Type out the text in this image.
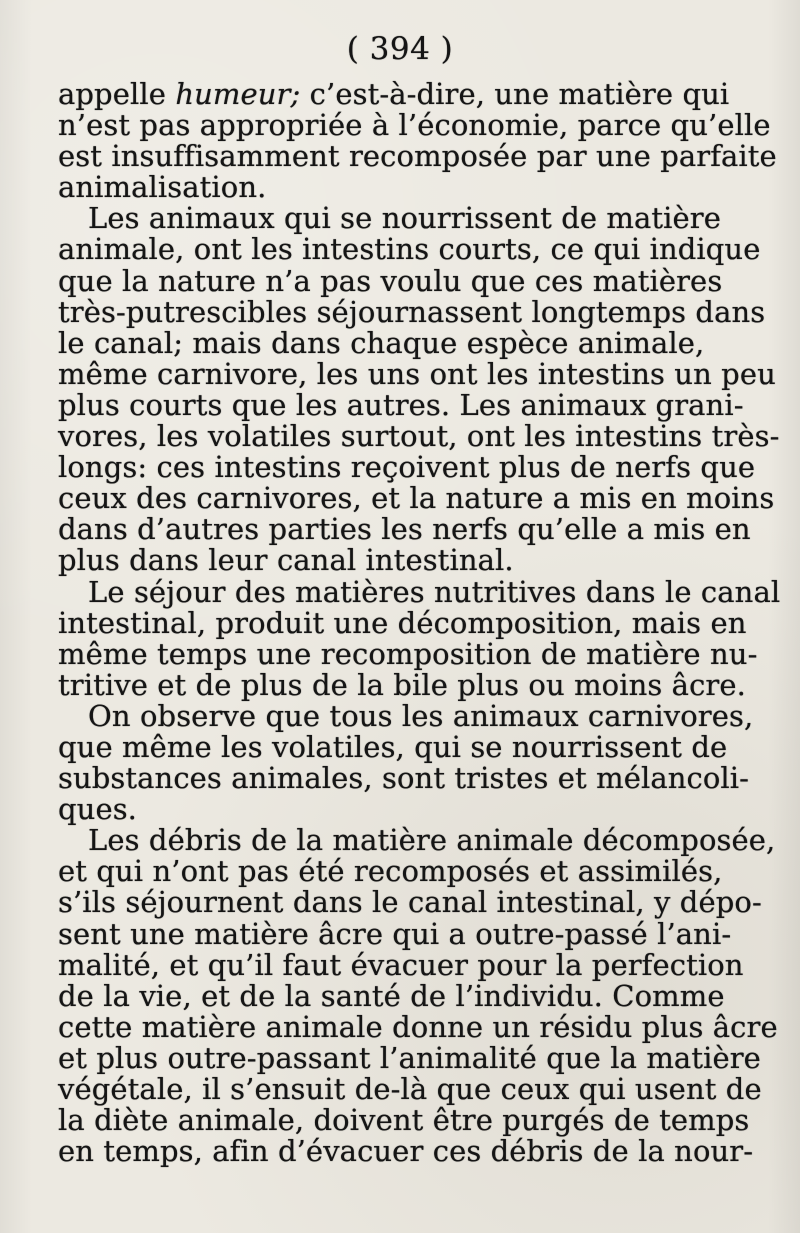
( 394 )
appelle humeur; c’est-à-dire, une matière qui
n’est pas appropriée à l’économie, parce qu’elle
est insuffisamment recomposée par une parfaite
animalisation.
Les animaux qui se nourrissent de matière
animale, ont les intestins courts, ce qui indique
que la nature n’a pas voulu que ces matières
très-putrescibles séjournassent longtemps dans
le canal; mais dans chaque espèce animale,
même carnivore, les uns ont les intestins un peu
plus courts que les autres. Les animaux grani-
vores, les volatiles surtout, ont les intestins très-
longs: ces intestins reçoivent plus de nerfs que
ceux des carnivores, et la nature a mis en moins
dans d’autres parties les nerfs qu’elle a mis en
plus dans leur canal intestinal.
Le séjour des matières nutritives dans le canal
intestinal, produit une décomposition, mais en
même temps une recomposition de matière nu-
tritive et de plus de la bile plus ou moins âcre.
On observe que tous les animaux carnivores,
que même les volatiles, qui se nourrissent de
substances animales, sont tristes et mélancoli-
ques.
Les débris de la matière animale décomposée,
et qui n’ont pas été recomposés et assimilés,
s’ils séjournent dans le canal intestinal, y dépo-
sent une matière âcre qui a outre-passé l’ani-
malité, et qu’il faut évacuer pour la perfection
de la vie, et de la santé de l’individu. Comme
cette matière animale donne un résidu plus âcre
et plus outre-passant l’animalité que la matière
végétale, il s’ensuit de-là que ceux qui usent de
la diète animale, doivent être purgés de temps
en temps, afin d’évacuer ces débris de la nour-
